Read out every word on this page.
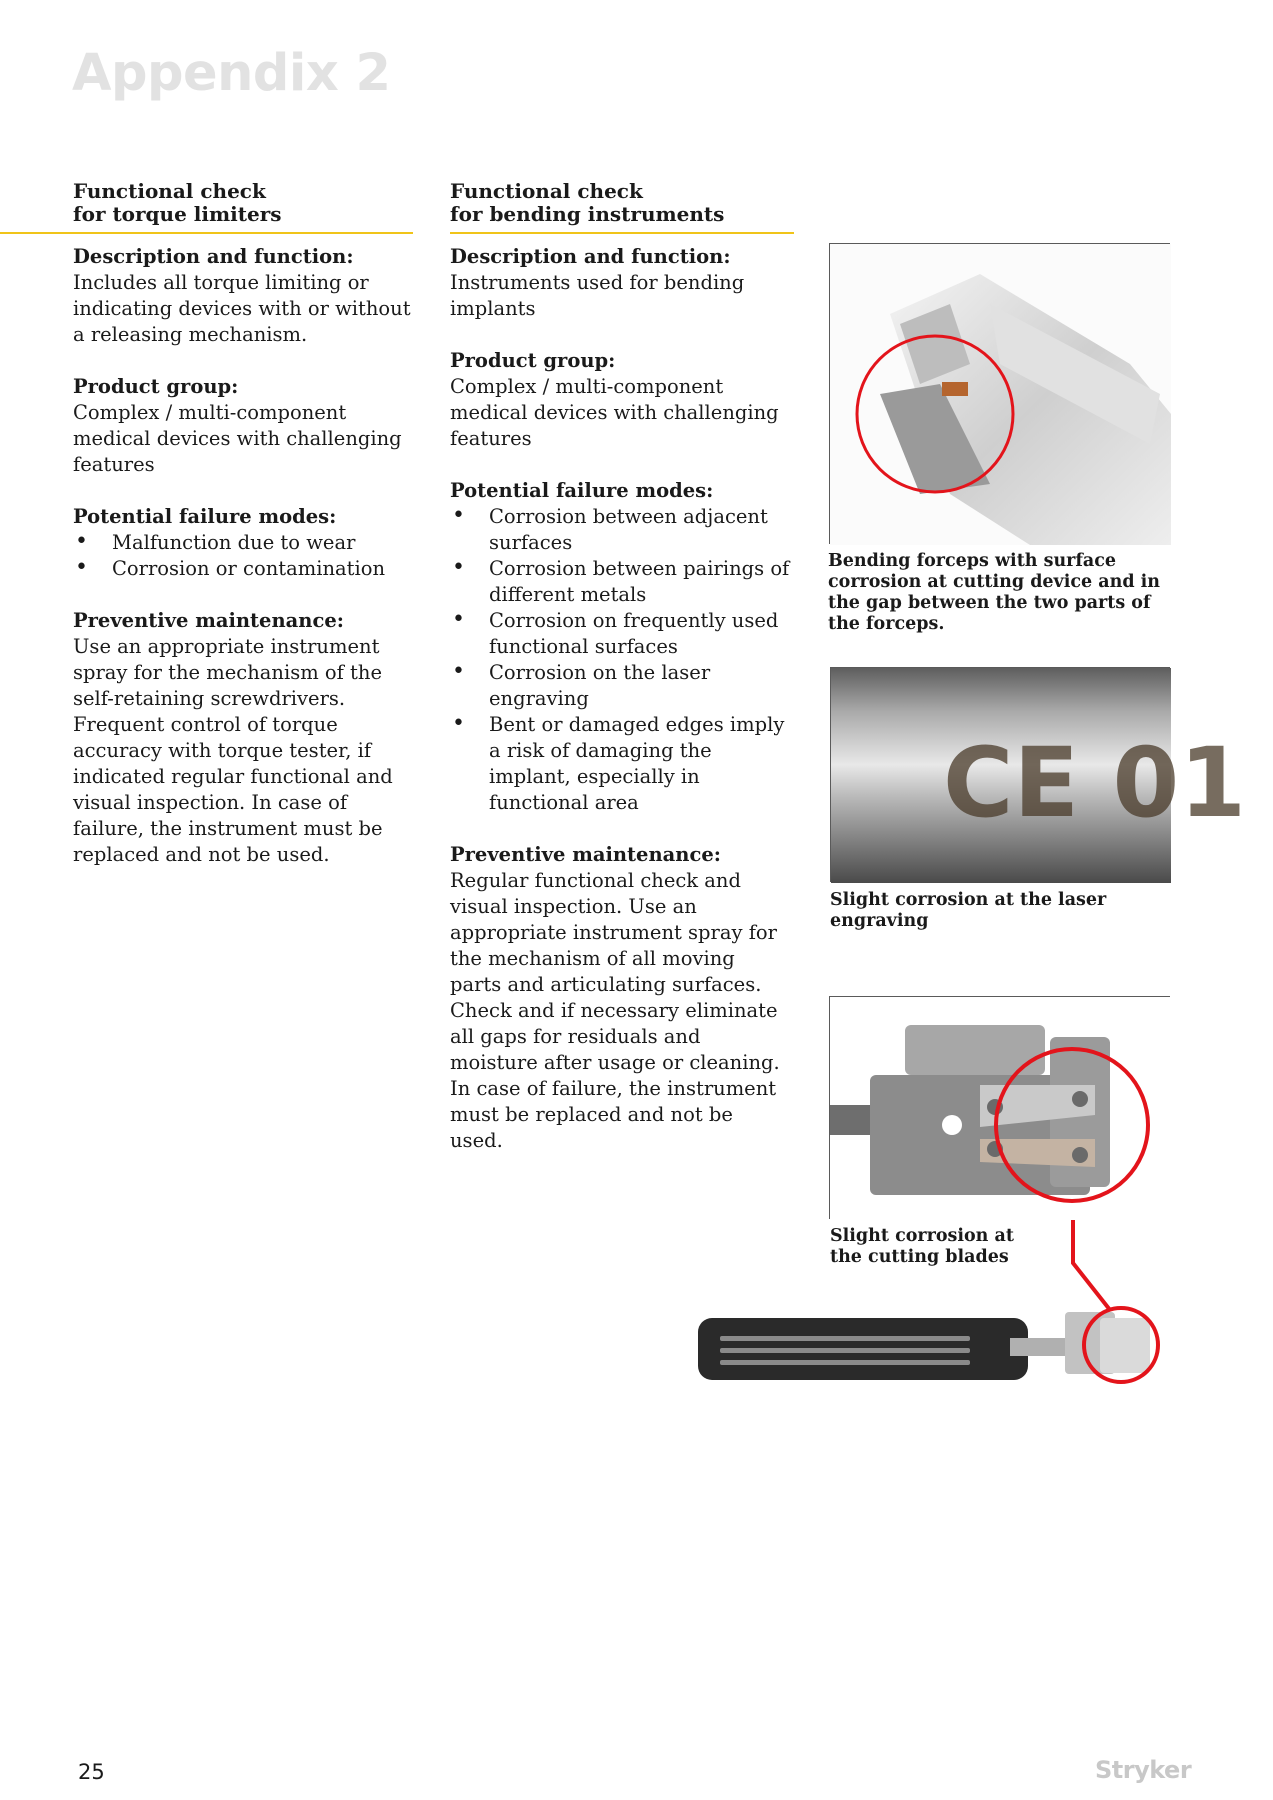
Appendix 2
Functional check
for torque limiters
Description and function:

Includes all torque limiting or indicating devices with or without a releasing mechanism.

Product group:

Complex / multi-component medical devices with challenging features

Potential failure modes:
• Malfunction due to wear
• Corrosion or contamination
Preventive maintenance:

Use an appropriate instrument spray for the mechanism of the self-retaining screwdrivers. Frequent control of torque accuracy with torque tester, if indicated regular functional and visual inspection. In case of failure, the instrument must be replaced and not be used.

Functional check
for bending instruments
Description and function:

Instruments used for bending implants

Product group:

Complex / multi-component medical devices with challenging features

Potential failure modes:
• Corrosion between adjacent surfaces
• Corrosion between pairings of different metals
• Corrosion on frequently used functional surfaces
• Corrosion on the laser engraving
• Bent or damaged edges imply a risk of damaging the implant, especially in functional area
Preventive maintenance:

Regular functional check and visual inspection. Use an appropriate instrument spray for the mechanism of all moving parts and articulating surfaces. Check and if necessary eliminate all gaps for residuals and moisture after usage or cleaning. In case of failure, the instrument must be replaced and not be used.

Bending forceps with surface corrosion at cutting device and in the gap between the two parts of the forceps.

CE 01

Slight corrosion at the laser engraving

Slight corrosion at the cutting blades

25	Stryker
